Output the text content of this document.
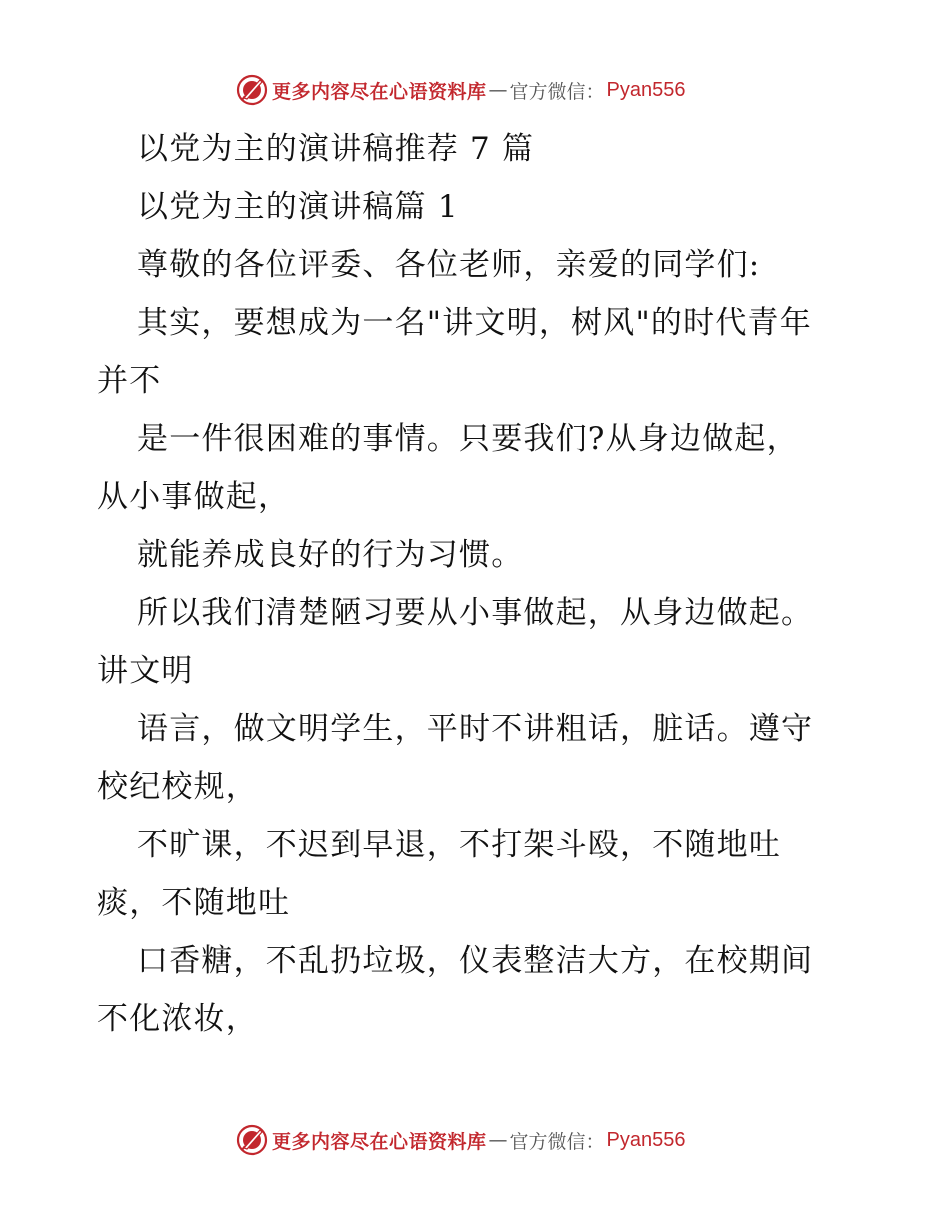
更多内容尽在心语资料库 — 官方微信： Pyan556
以党为主的演讲稿推荐 7 篇
以党为主的演讲稿篇 1
尊敬的各位评委、各位老师，亲爱的同学们:
其实，要想成为一名"讲文明，树风"的时代青年
并不
是一件很困难的事情。只要我们?从身边做起，
从小事做起，
就能养成良好的行为习惯。
所以我们清楚陋习要从小事做起，从身边做起。
讲文明
语言，做文明学生，平时不讲粗话，脏话。遵守
校纪校规，
不旷课，不迟到早退，不打架斗殴，不随地吐
痰，不随地吐
口香糖，不乱扔垃圾，仪表整洁大方，在校期间
不化浓妆，
更多内容尽在心语资料库 — 官方微信： Pyan556
